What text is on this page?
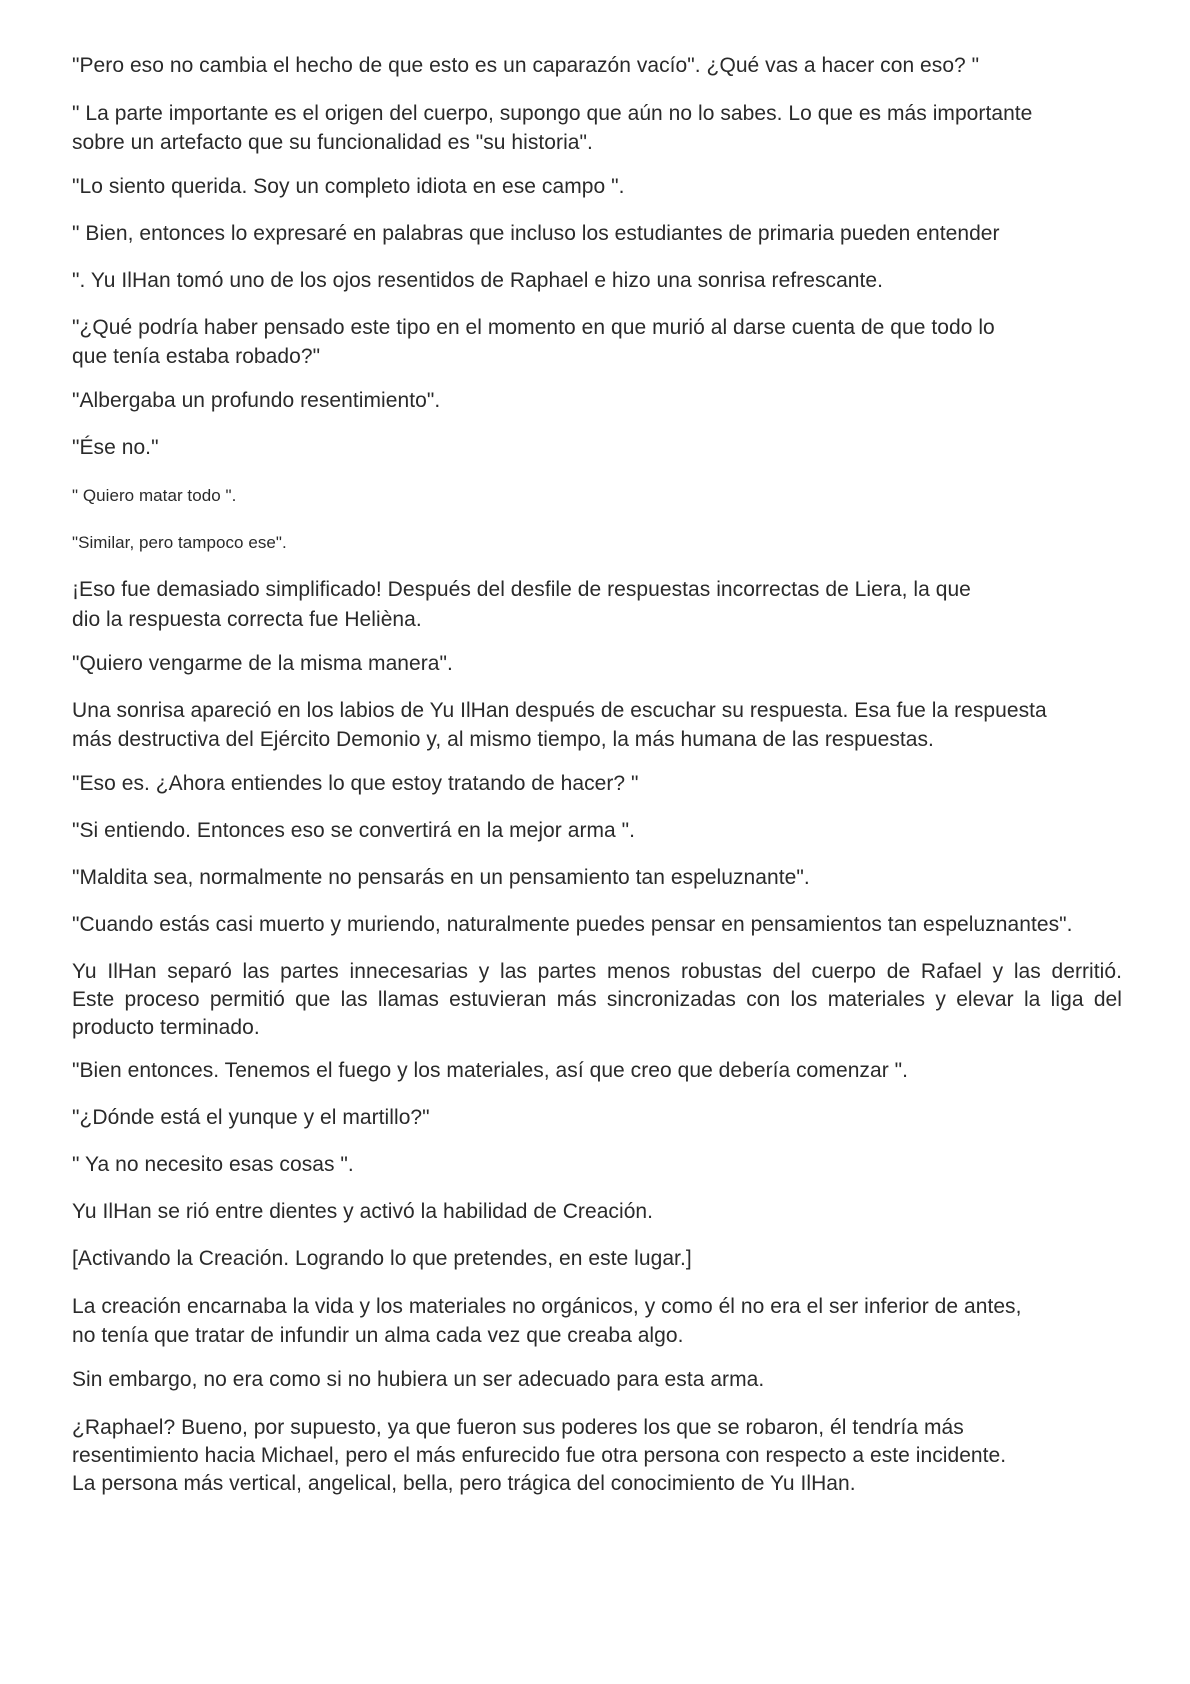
"Pero eso no cambia el hecho de que esto es un caparazón vacío". ¿Qué vas a hacer con eso? "
" La parte importante es el origen del cuerpo, supongo que aún no lo sabes. Lo que es más importante
sobre un artefacto que su funcionalidad es "su historia".
"Lo siento querida. Soy un completo idiota en ese campo ".
" Bien, entonces lo expresaré en palabras que incluso los estudiantes de primaria pueden entender
". Yu IlHan tomó uno de los ojos resentidos de Raphael e hizo una sonrisa refrescante.
"¿Qué podría haber pensado este tipo en el momento en que murió al darse cuenta de que todo lo
que tenía estaba robado?"
"Albergaba un profundo resentimiento".
"Ése no."
" Quiero matar todo ".
"Similar, pero tampoco ese".
¡Eso fue demasiado simplificado! Después del desfile de respuestas incorrectas de Liera, la que
dio la respuesta correcta fue Helièna.
"Quiero vengarme de la misma manera".
Una sonrisa apareció en los labios de Yu IlHan después de escuchar su respuesta. Esa fue la respuesta
más destructiva del Ejército Demonio y, al mismo tiempo, la más humana de las respuestas.
"Eso es. ¿Ahora entiendes lo que estoy tratando de hacer? "
"Si entiendo. Entonces eso se convertirá en la mejor arma ".
"Maldita sea, normalmente no pensarás en un pensamiento tan espeluznante".
"Cuando estás casi muerto y muriendo, naturalmente puedes pensar en pensamientos tan espeluznantes".
Yu IlHan separó las partes innecesarias y las partes menos robustas del cuerpo de Rafael y las derritió.
Este proceso permitió que las llamas estuvieran más sincronizadas con los materiales y elevar la liga del
producto terminado.
"Bien entonces. Tenemos el fuego y los materiales, así que creo que debería comenzar ".
"¿Dónde está el yunque y el martillo?"
" Ya no necesito esas cosas ".
Yu IlHan se rió entre dientes y activó la habilidad de Creación.
[Activando la Creación. Logrando lo que pretendes, en este lugar.]
La creación encarnaba la vida y los materiales no orgánicos, y como él no era el ser inferior de antes,
no tenía que tratar de infundir un alma cada vez que creaba algo.
Sin embargo, no era como si no hubiera un ser adecuado para esta arma.
¿Raphael? Bueno, por supuesto, ya que fueron sus poderes los que se robaron, él tendría más
resentimiento hacia Michael, pero el más enfurecido fue otra persona con respecto a este incidente.
La persona más vertical, angelical, bella, pero trágica del conocimiento de Yu IlHan.
